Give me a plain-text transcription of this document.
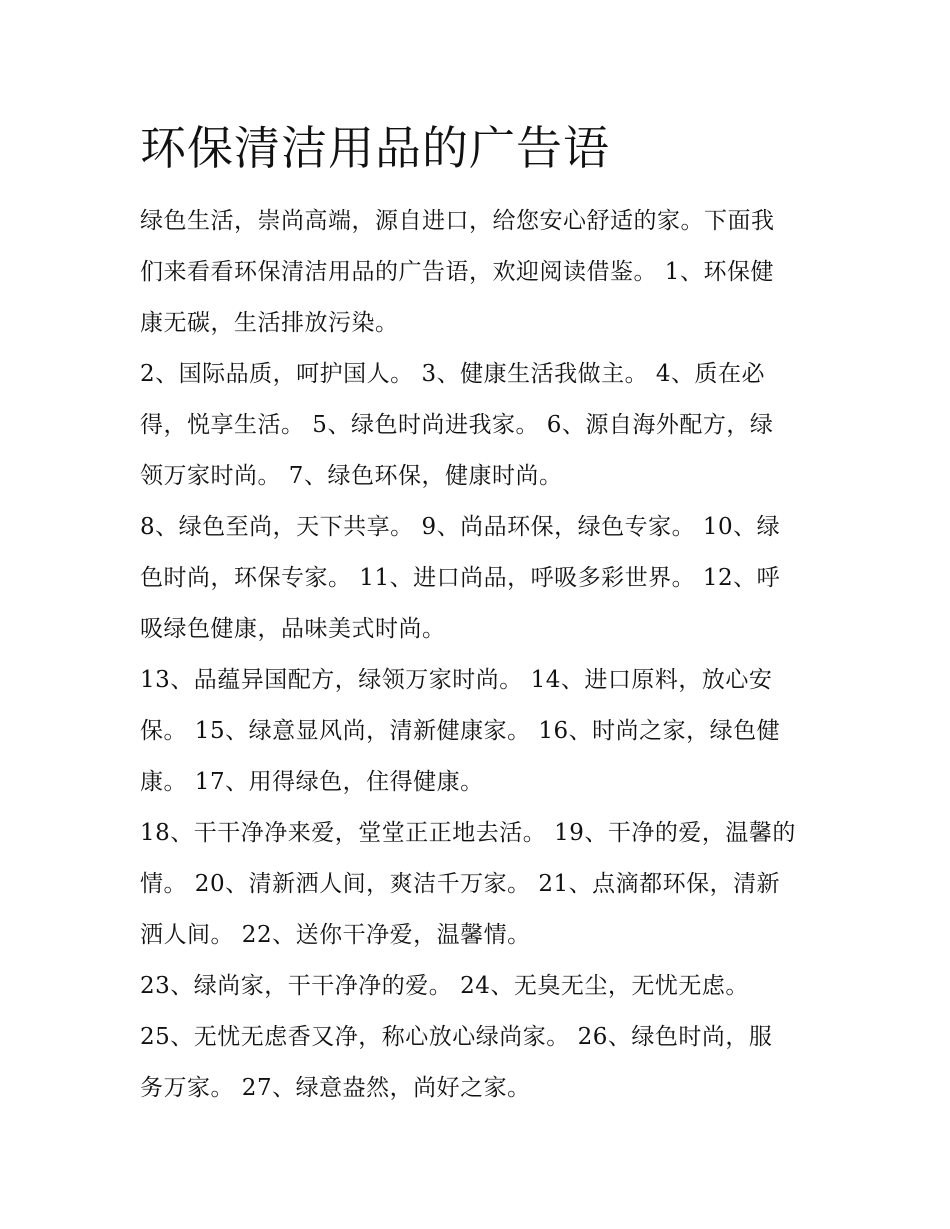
环保清洁用品的广告语

绿色生活，崇尚高端，源自进口，给您安心舒适的家。下面我
们来看看环保清洁用品的广告语，欢迎阅读借鉴。 1、环保健
康无碳，生活排放污染。

2、国际品质，呵护国人。 3、健康生活我做主。 4、质在必
得，悦享生活。 5、绿色时尚进我家。 6、源自海外配方，绿
领万家时尚。 7、绿色环保，健康时尚。

8、绿色至尚，天下共享。 9、尚品环保，绿色专家。 10、绿
色时尚，环保专家。 11、进口尚品，呼吸多彩世界。 12、呼
吸绿色健康，品味美式时尚。

13、品蕴异国配方，绿领万家时尚。 14、进口原料，放心安
保。 15、绿意显风尚，清新健康家。 16、时尚之家，绿色健
康。 17、用得绿色，住得健康。

18、干干净净来爱，堂堂正正地去活。 19、干净的爱，温馨的
情。 20、清新洒人间，爽洁千万家。 21、点滴都环保，清新
洒人间。 22、送你干净爱，温馨情。

23、绿尚家，干干净净的爱。 24、无臭无尘，无忧无虑。

25、无忧无虑香又净，称心放心绿尚家。 26、绿色时尚，服
务万家。 27、绿意盎然，尚好之家。
